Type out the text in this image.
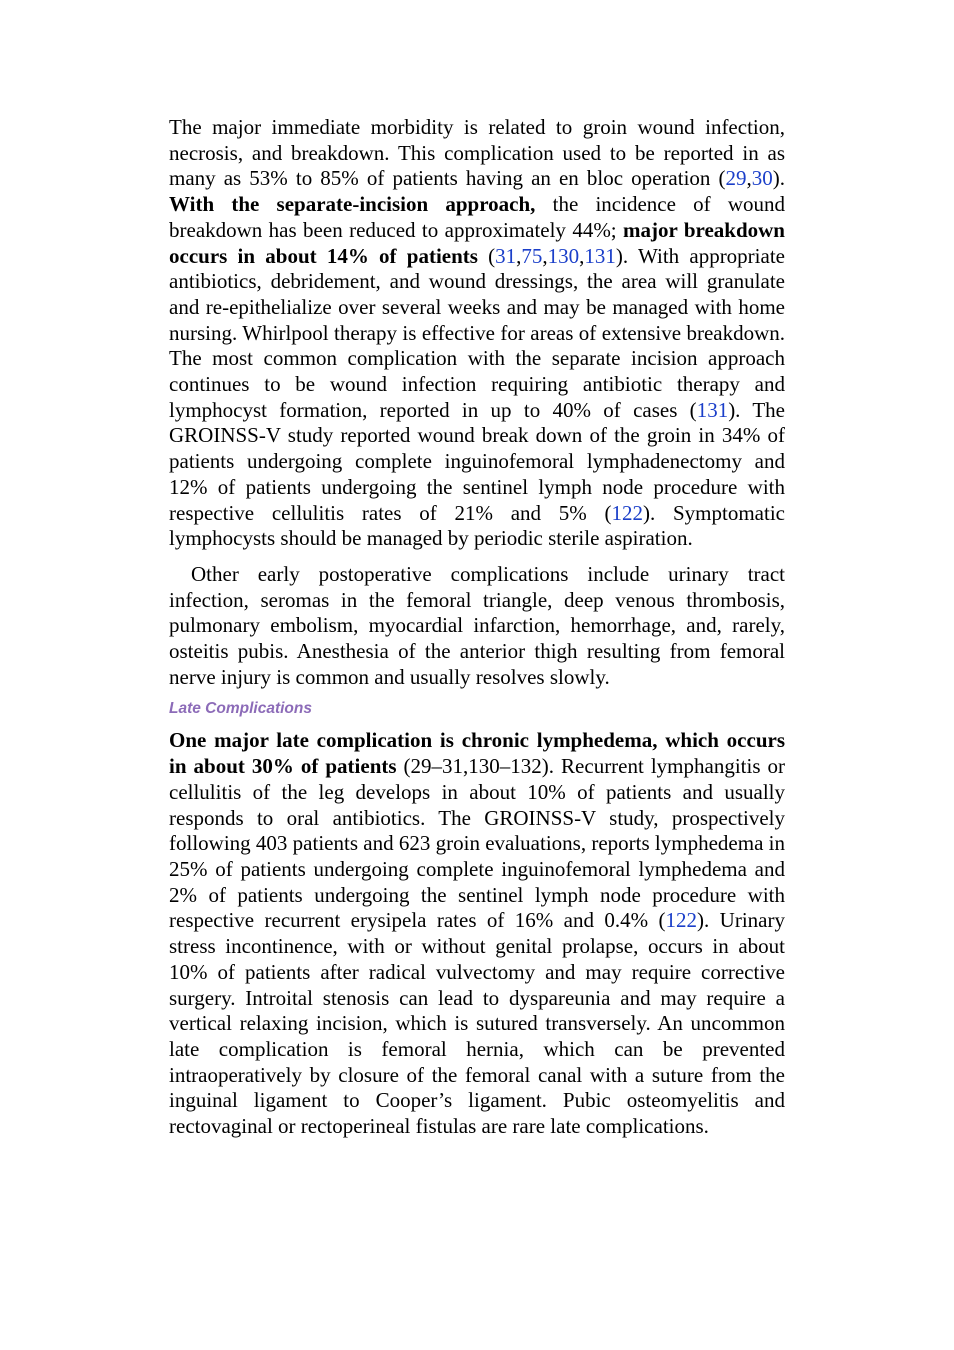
The major immediate morbidity is related to groin wound infection, necrosis, and breakdown. This complication used to be reported in as many as 53% to 85% of patients having an en bloc operation (29,30). With the separate-incision approach, the incidence of wound breakdown has been reduced to approximately 44%; major breakdown occurs in about 14% of patients (31,75,130,131). With appropriate antibiotics, debridement, and wound dressings, the area will granulate and re-epithelialize over several weeks and may be managed with home nursing. Whirlpool therapy is effective for areas of extensive breakdown. The most common complication with the separate incision approach continues to be wound infection requiring antibiotic therapy and lymphocyst formation, reported in up to 40% of cases (131). The GROINSS-V study reported wound break down of the groin in 34% of patients undergoing complete inguinofemoral lymphadenectomy and 12% of patients undergoing the sentinel lymph node procedure with respective cellulitis rates of 21% and 5% (122). Symptomatic lymphocysts should be managed by periodic sterile aspiration.

Other early postoperative complications include urinary tract infection, seromas in the femoral triangle, deep venous thrombosis, pulmonary embolism, myocardial infarction, hemorrhage, and, rarely, osteitis pubis. Anesthesia of the anterior thigh resulting from femoral nerve injury is common and usually resolves slowly.

Late Complications

One major late complication is chronic lymphedema, which occurs in about 30% of patients (29–31,130–132). Recurrent lymphangitis or cellulitis of the leg develops in about 10% of patients and usually responds to oral antibiotics. The GROINSS-V study, prospectively following 403 patients and 623 groin evaluations, reports lymphedema in 25% of patients undergoing complete inguinofemoral lymphedema and 2% of patients undergoing the sentinel lymph node procedure with respective recurrent erysipela rates of 16% and 0.4% (122). Urinary stress incontinence, with or without genital prolapse, occurs in about 10% of patients after radical vulvectomy and may require corrective surgery. Introital stenosis can lead to dyspareunia and may require a vertical relaxing incision, which is sutured transversely. An uncommon late complication is femoral hernia, which can be prevented intraoperatively by closure of the femoral canal with a suture from the inguinal ligament to Cooper’s ligament. Pubic osteomyelitis and rectovaginal or rectoperineal fistulas are rare late complications.
